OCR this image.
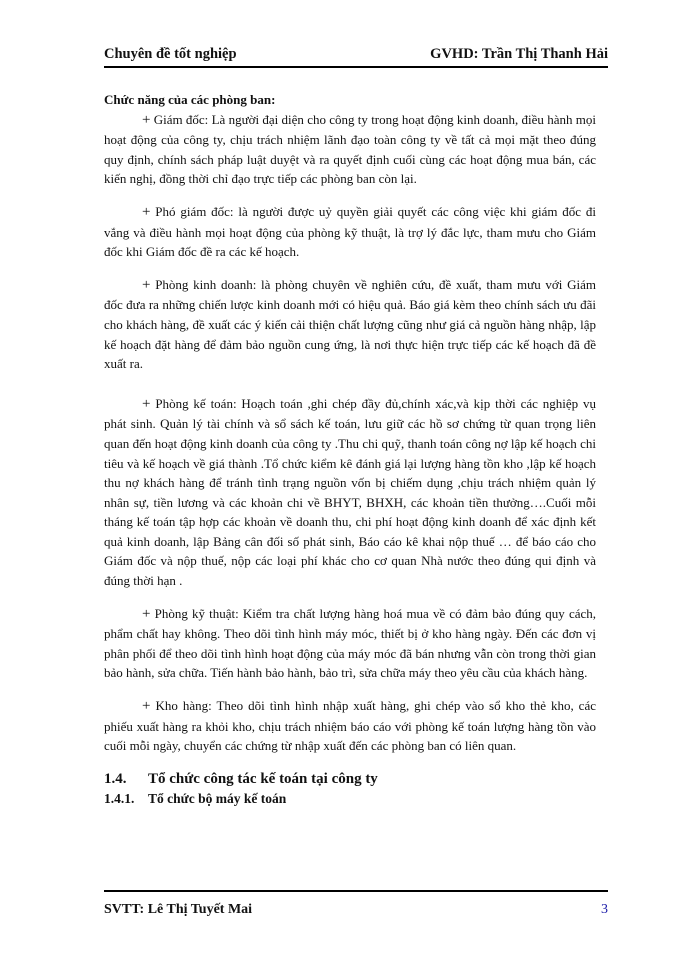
Chuyên đề tốt nghiệp	GVHD: Trần Thị Thanh Hải

Chức năng của các phòng ban:

+ Giám đốc: Là người đại diện cho công ty trong hoạt động kinh doanh, điều hành mọi hoạt động của công ty, chịu trách nhiệm lãnh đạo toàn công ty về tất cả mọi mặt theo đúng quy định, chính sách pháp luật duyệt và ra quyết định cuối cùng các hoạt động mua bán, các kiến nghị, đồng thời chỉ đạo trực tiếp các phòng ban còn lại.

+ Phó giám đốc: là người được uỷ quyền giải quyết các công việc khi giám đốc đi vắng và điều hành mọi hoạt động của phòng kỹ thuật, là trợ lý đắc lực, tham mưu cho Giám đốc khi Giám đốc đề ra các kế hoạch.

+ Phòng kinh doanh: là phòng chuyên về nghiên cứu, đề xuất, tham mưu với Giám đốc đưa ra những chiến lược kinh doanh mới có hiệu quả. Báo giá kèm theo chính sách ưu đãi cho khách hàng, đề xuất các ý kiến cải thiện chất lượng cũng như giá cả nguồn hàng nhập, lập kế hoạch đặt hàng để đảm bảo nguồn cung ứng, là nơi thực hiện trực tiếp các kế hoạch đã đề xuất ra.

+ Phòng kế toán: Hoạch toán ,ghi chép đầy đủ,chính xác,và kịp thời các nghiệp vụ phát sinh. Quản lý tài chính và sổ sách kế toán, lưu giữ các hồ sơ chứng từ quan trọng liên quan đến hoạt động kinh doanh của công ty .Thu chi quỹ, thanh toán công nợ lập kế hoạch chi tiêu và kế hoạch về giá thành .Tổ chức kiểm kê đánh giá lại lượng hàng tồn kho ,lập kế hoạch thu nợ khách hàng để tránh tình trạng nguồn vốn bị chiếm dụng ,chịu trách nhiệm quản lý nhân sự, tiền lương và các khoản chi về BHYT, BHXH, các khoản tiền thưởng….Cuối mỗi tháng kế toán tập hợp các khoản về doanh thu, chi phí hoạt động kinh doanh để xác định kết quả kinh doanh, lập Bảng cân đối số phát sinh, Báo cáo kê khai nộp thuế … để báo cáo cho Giám đốc và nộp thuế, nộp các loại phí khác cho cơ quan Nhà nước theo đúng qui định và đúng thời hạn .

+ Phòng kỹ thuật: Kiểm tra chất lượng hàng hoá mua về có đảm bảo đúng quy cách, phẩm chất hay không. Theo dõi tình hình máy móc, thiết bị ở kho hàng ngày. Đến các đơn vị phân phối để theo dõi tình hình hoạt động của máy móc đã bán nhưng vẫn còn trong thời gian bảo hành, sửa chữa. Tiến hành bảo hành, bảo trì, sửa chữa máy theo yêu cầu của khách hàng.

+ Kho hàng: Theo dõi tình hình nhập xuất hàng, ghi chép vào sổ kho thẻ kho, các phiếu xuất hàng ra khỏi kho, chịu trách nhiệm báo cáo với phòng kế toán lượng hàng tồn vào cuối mỗi ngày, chuyển các chứng từ nhập xuất đến các phòng ban có liên quan.

1.4. Tổ chức công tác kế toán tại công ty

1.4.1. Tổ chức bộ máy kế toán

SVTT: Lê Thị Tuyết Mai	3
